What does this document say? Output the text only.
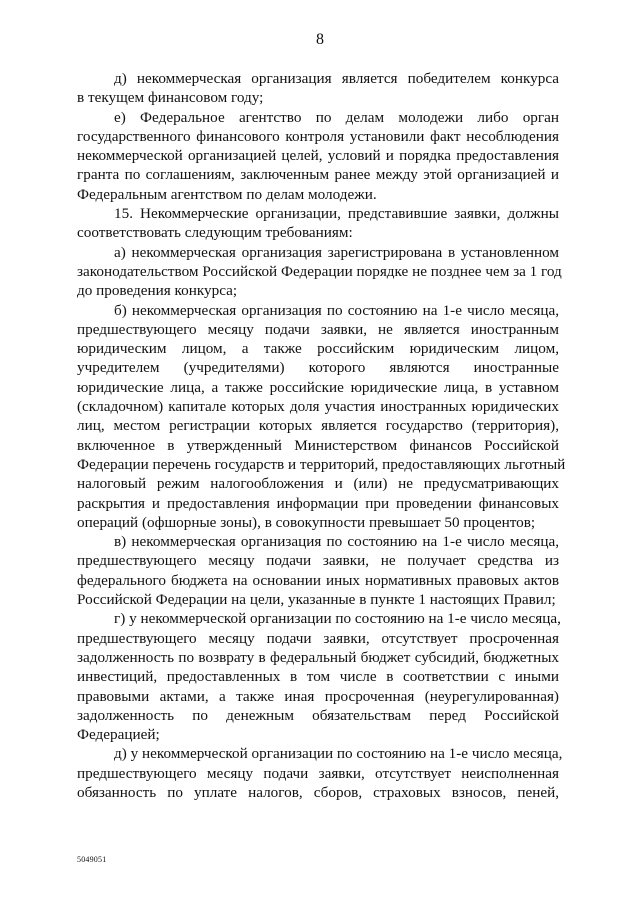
8
д) некоммерческая организация является победителем конкурса
в текущем финансовом году;
е) Федеральное агентство по делам молодежи либо орган
государственного финансового контроля установили факт несоблюдения
некоммерческой организацией целей, условий и порядка предоставления
гранта по соглашениям, заключенным ранее между этой организацией и
Федеральным агентством по делам молодежи.
15. Некоммерческие организации, представившие заявки, должны
соответствовать следующим требованиям:
а) некоммерческая организация зарегистрирована в установленном
законодательством Российской Федерации порядке не позднее чем за 1 год
до проведения конкурса;
б) некоммерческая организация по состоянию на 1-е число месяца,
предшествующего месяцу подачи заявки, не является иностранным
юридическим лицом, а также российским юридическим лицом,
учредителем (учредителями) которого являются иностранные
юридические лица, а также российские юридические лица, в уставном
(складочном) капитале которых доля участия иностранных юридических
лиц, местом регистрации которых является государство (территория),
включенное в утвержденный Министерством финансов Российской
Федерации перечень государств и территорий, предоставляющих льготный
налоговый режим налогообложения и (или) не предусматривающих
раскрытия и предоставления информации при проведении финансовых
операций (офшорные зоны), в совокупности превышает 50 процентов;
в) некоммерческая организация по состоянию на 1-е число месяца,
предшествующего месяцу подачи заявки, не получает средства из
федерального бюджета на основании иных нормативных правовых актов
Российской Федерации на цели, указанные в пункте 1 настоящих Правил;
г) у некоммерческой организации по состоянию на 1-е число месяца,
предшествующего месяцу подачи заявки, отсутствует просроченная
задолженность по возврату в федеральный бюджет субсидий, бюджетных
инвестиций, предоставленных в том числе в соответствии с иными
правовыми актами, а также иная просроченная (неурегулированная)
задолженность по денежным обязательствам перед Российской
Федерацией;
д) у некоммерческой организации по состоянию на 1-е число месяца,
предшествующего месяцу подачи заявки, отсутствует неисполненная
обязанность по уплате налогов, сборов, страховых взносов, пеней,
5049051
